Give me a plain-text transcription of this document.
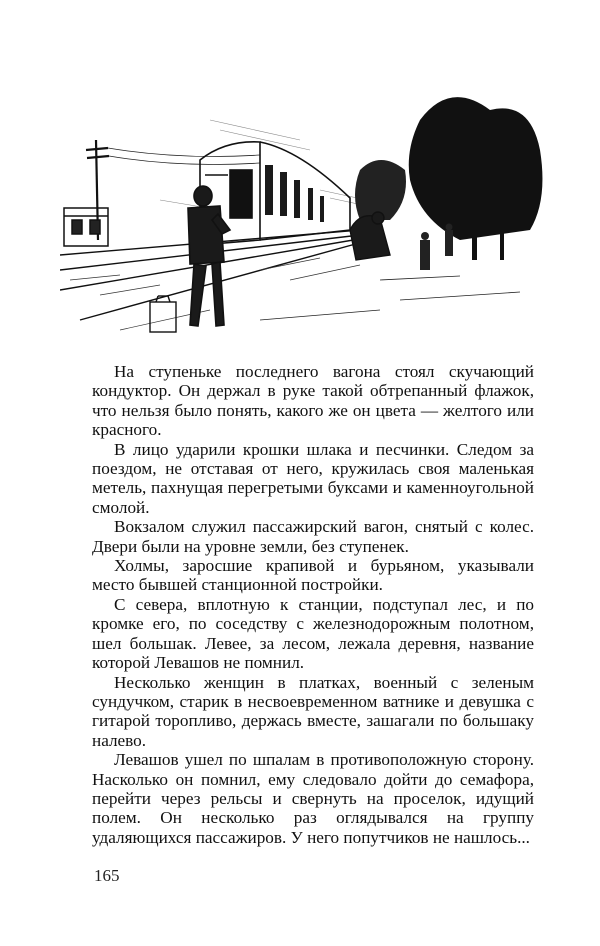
На ступеньке последнего вагона стоял скучающий кондуктор. Он держал в руке такой обтрепанный флажок, что нельзя было понять, какого же он цвета — желтого или красного.

В лицо ударили крошки шлака и песчинки. Следом за поездом, не отставая от него, кружилась своя маленькая метель, пахнущая перегретыми буксами и каменноугольной смолой.

Вокзалом служил пассажирский вагон, снятый с колес. Двери были на уровне земли, без ступенек.

Холмы, заросшие крапивой и бурьяном, указывали место бывшей станционной постройки.

С севера, вплотную к станции, подступал лес, и по кромке его, по соседству с железнодорожным полотном, шел большак. Левее, за лесом, лежала деревня, название которой Левашов не помнил.

Несколько женщин в платках, военный с зеленым сундучком, старик в несвоевременном ватнике и девушка с гитарой торопливо, держась вместе, зашагали по большаку налево.

Левашов ушел по шпалам в противоположную сторону. Насколько он помнил, ему следовало дойти до семафора, перейти через рельсы и свернуть на проселок, идущий полем. Он несколько раз оглядывался на группу удаляющихся пассажиров. У него попутчиков не нашлось...

165
